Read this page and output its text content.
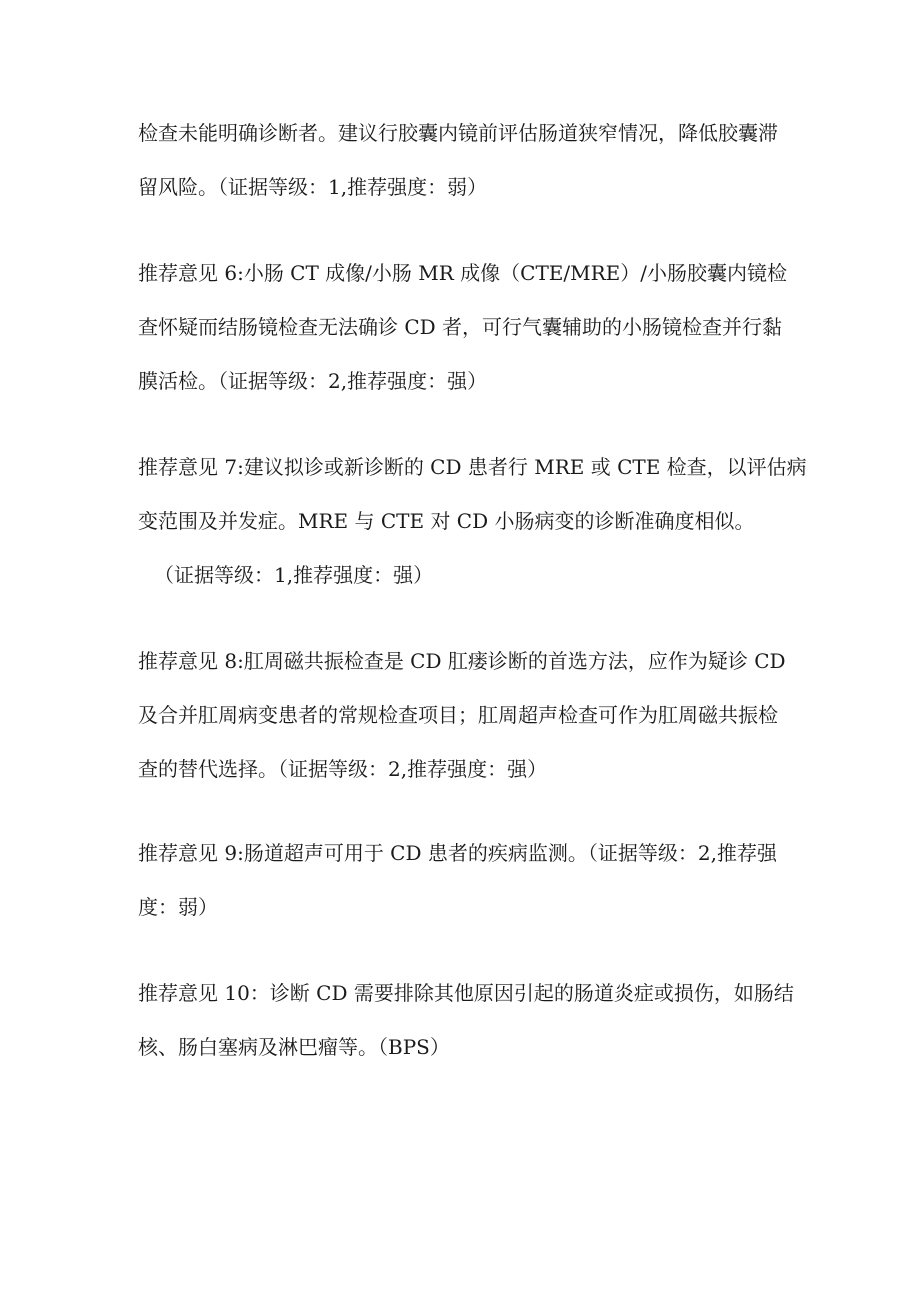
检查未能明确诊断者。建议行胶囊内镜前评估肠道狭窄情况，降低胶囊滞
留风险。（证据等级：1,推荐强度：弱）

推荐意见 6:小肠 CT 成像/小肠 MR 成像（CTE/MRE）/小肠胶囊内镜检
查怀疑而结肠镜检查无法确诊 CD 者，可行气囊辅助的小肠镜检查并行黏
膜活检。（证据等级：2,推荐强度：强）

推荐意见 7:建议拟诊或新诊断的 CD 患者行 MRE 或 CTE 检查，以评估病
变范围及并发症。MRE 与 CTE 对 CD 小肠病变的诊断准确度相似。
（证据等级：1,推荐强度：强）

推荐意见 8:肛周磁共振检查是 CD 肛瘘诊断的首选方法，应作为疑诊 CD
及合并肛周病变患者的常规检查项目；肛周超声检查可作为肛周磁共振检
查的替代选择。（证据等级：2,推荐强度：强）

推荐意见 9:肠道超声可用于 CD 患者的疾病监测。（证据等级：2,推荐强
度：弱）

推荐意见 10：诊断 CD 需要排除其他原因引起的肠道炎症或损伤，如肠结
核、肠白塞病及淋巴瘤等。（BPS）
